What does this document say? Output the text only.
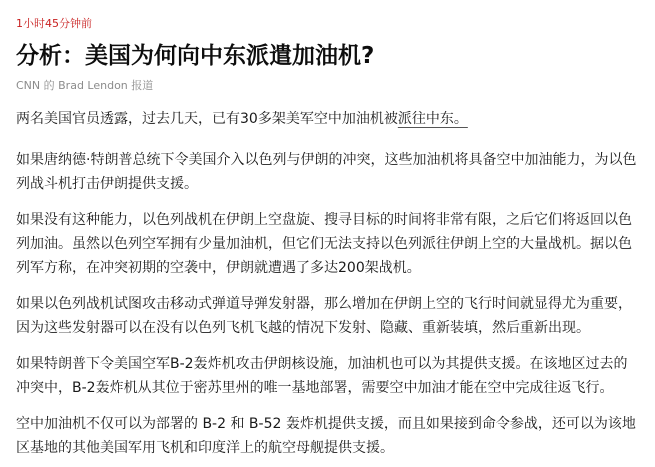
1小时45分钟前
分析：美国为何向中东派遣加油机?
CNN 的 Brad Lendon 报道

两名美国官员透露，过去几天，已有30多架美军空中加油机被派往中东。

如果唐纳德·特朗普总统下令美国介入以色列与伊朗的冲突，这些加油机将具备空中加油能力，为以色列战斗机打击伊朗提供支援。

如果没有这种能力，以色列战机在伊朗上空盘旋、搜寻目标的时间将非常有限，之后它们将返回以色列加油。虽然以色列空军拥有少量加油机，但它们无法支持以色列派往伊朗上空的大量战机。据以色列军方称，在冲突初期的空袭中，伊朗就遭遇了多达200架战机。

如果以色列战机试图攻击移动式弹道导弹发射器，那么增加在伊朗上空的飞行时间就显得尤为重要，因为这些发射器可以在没有以色列飞机飞越的情况下发射、隐藏、重新装填，然后重新出现。

如果特朗普下令美国空军B-2轰炸机攻击伊朗核设施，加油机也可以为其提供支援。在该地区过去的冲突中，B-2轰炸机从其位于密苏里州的唯一基地部署，需要空中加油才能在空中完成往返飞行。

空中加油机不仅可以为部署的 B-2 和 B-52 轰炸机提供支援，而且如果接到命令参战，还可以为该地区基地的其他美国军用飞机和印度洋上的航空母舰提供支援。
